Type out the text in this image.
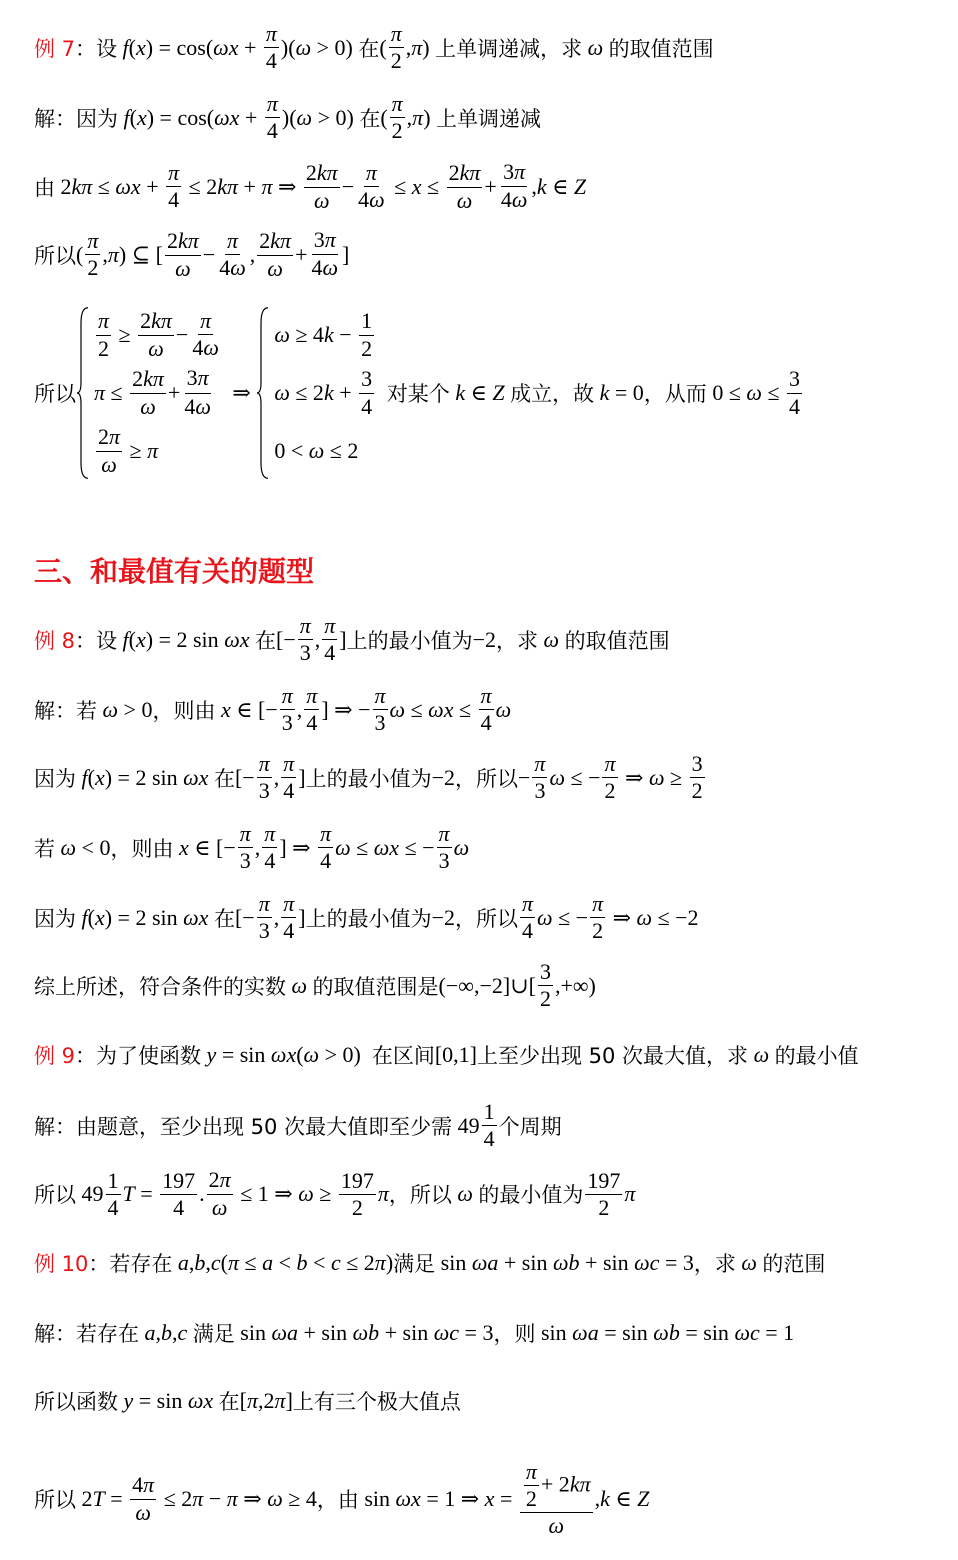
例 7 ： 设 f ( x ) = cos( $\omega x + \frac{\pi}{4}$ )( ω > 0) 在 ( $\frac{\pi}{2}$ , π ) 上单调递减，求 ω 的取值范围
解：因为 f ( x ) = cos( $\omega x + \frac{\pi}{4}$ )( ω > 0) 在 ( $\frac{\pi}{2}$ , π ) 上单调递减
由 2 $k\pi \le \omega x + \frac{\pi}{4} \le 2$ kπ + π ⇒ $\frac{2k\pi}{\omega} - \frac{\pi}{4\omega} \le x \le \frac{2k\pi}{\omega} + \frac{3\pi}{4\omega}$ , k ∈ Z
所以 ( $\frac{\pi}{2}$ , π ) ⊆ [ $\frac{2k\pi}{\omega} - \frac{\pi}{4\omega}$ , $\frac{2k\pi}{\omega} + \frac{3\pi}{4\omega}$ ]
所以
$\frac{\pi}{2} \ge \frac{2k\pi}{\omega} - \frac{\pi}{4\omega}$
$\pi \le \frac{2k\pi}{\omega} + \frac{3\pi}{4\omega}$
$\frac{2\pi}{\omega} \ge \pi$
⇒
ω ≥ 4 $k - \frac{1}{2}$
ω ≤ 2 $k + \frac{3}{4}$
0 < ω ≤ 2

对某个 k ∈ Z 成立，故 k = 0 ，从而 $0 \le \omega \le \frac{3}{4}$
三、和最值有关的题型
例 8 ： 设 f ( x ) = 2 sin ωx 在 [− $\frac{\pi}{3}$ , $\frac{\pi}{4}$ ] 上的最小值为 −2 ，求 ω 的取值范围
解：若 ω > 0 ，则由 x ∈ [− $\frac{\pi}{3}$ , $\frac{\pi}{4}$ ] ⇒ − $\frac{\pi}{3}$ $\omega \le \omega x \le \frac{\pi}{4}$ ω
因为 f ( x ) = 2 sin ωx 在 [− $\frac{\pi}{3}$ , $\frac{\pi}{4}$ ] 上的最小值为 −2 ，所以 − $\frac{\pi}{3}$ ω ≤ − $\frac{\pi}{2}$ ⇒ $\omega \ge \frac{3}{2}$
若 ω < 0 ，则由 x ∈ [− $\frac{\pi}{3}$ , $\frac{\pi}{4}$ ] ⇒ $\frac{\pi}{4}$ ω ≤ ωx ≤ − $\frac{\pi}{3}$ ω
因为 f ( x ) = 2 sin ωx 在 [− $\frac{\pi}{3}$ , $\frac{\pi}{4}$ ] 上的最小值为 −2 ，所以 $\frac{\pi}{4}$ ω ≤ − $\frac{\pi}{2}$ ⇒ ω ≤ −2
综上所述，符合条件的实数 ω 的取值范围是 (−∞,−2]∪[ $\frac{3}{2}$ ,+∞)
例 9 ： 为了使函数 y = sin ωx ( ω > 0) 在区间 [0,1] 上至少出现 50 次最大值，求 ω 的最小值
解：由题意，至少出现 50 次最大值即至少需 $49 \frac{1}{4}$ 个周期
所以 $49 \frac{1}{4}$ $T = \frac{197}{4}$ . $\frac{2\pi}{\omega} \le 1$ ⇒ $\omega \ge \frac{197}{2}$ π ，所以 ω 的最小值为 $\frac{197}{2}$ π
例 10 ： 若存在 a , b , c ( π ≤ a < b < c ≤ 2 π ) 满足 sin ωa + sin ωb + sin ωc = 3 ，求 ω 的范围
解：若存在 a , b , c 满足 sin ωa + sin ωb + sin ωc = 3 ，则 sin ωa = sin ωb = sin ωc = 1
所以函数 y = sin ωx 在 [ π ,2 π ] 上有三个极大值点
所以 2 $T = \frac{4\pi}{\omega} \le 2$ π − π ⇒ ω ≥ 4 ，由 sin ωx = 1 ⇒ $x = \frac{\frac{\pi}{2} + 2k\pi}{\omega}$ , k ∈ Z
